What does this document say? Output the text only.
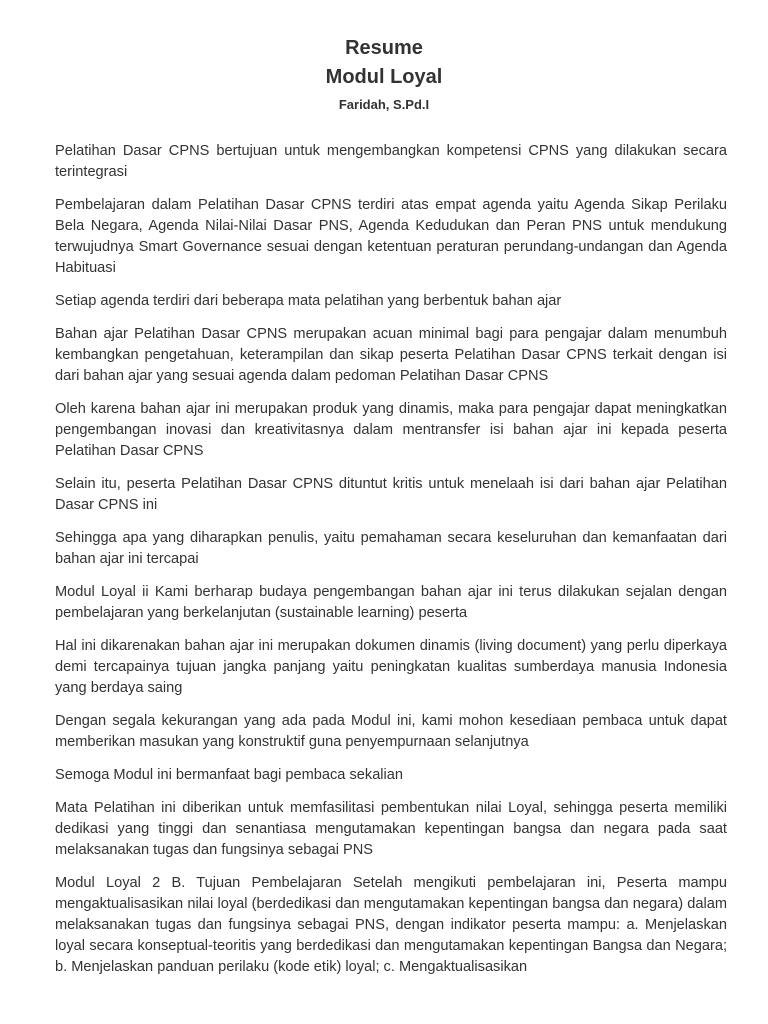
Resume
Modul Loyal
Faridah, S.Pd.I

Pelatihan Dasar CPNS bertujuan untuk mengembangkan kompetensi CPNS yang dilakukan secara terintegrasi

Pembelajaran dalam Pelatihan Dasar CPNS terdiri atas empat agenda yaitu Agenda Sikap Perilaku Bela Negara, Agenda Nilai-Nilai Dasar PNS, Agenda Kedudukan dan Peran PNS untuk mendukung terwujudnya Smart Governance sesuai dengan ketentuan peraturan perundang-undangan dan Agenda Habituasi

Setiap agenda terdiri dari beberapa mata pelatihan yang berbentuk bahan ajar

Bahan ajar Pelatihan Dasar CPNS merupakan acuan minimal bagi para pengajar dalam menumbuh kembangkan pengetahuan, keterampilan dan sikap peserta Pelatihan Dasar CPNS terkait dengan isi dari bahan ajar yang sesuai agenda dalam pedoman Pelatihan Dasar CPNS

Oleh karena bahan ajar ini merupakan produk yang dinamis, maka para pengajar dapat meningkatkan pengembangan inovasi dan kreativitasnya dalam mentransfer isi bahan ajar ini kepada peserta Pelatihan Dasar CPNS

Selain itu, peserta Pelatihan Dasar CPNS dituntut kritis untuk menelaah isi dari bahan ajar Pelatihan Dasar CPNS ini

Sehingga apa yang diharapkan penulis, yaitu pemahaman secara keseluruhan dan kemanfaatan dari bahan ajar ini tercapai

Modul Loyal ii Kami berharap budaya pengembangan bahan ajar ini terus dilakukan sejalan dengan pembelajaran yang berkelanjutan (sustainable learning) peserta

Hal ini dikarenakan bahan ajar ini merupakan dokumen dinamis (living document) yang perlu diperkaya demi tercapainya tujuan jangka panjang yaitu peningkatan kualitas sumberdaya manusia Indonesia yang berdaya saing

Dengan segala kekurangan yang ada pada Modul ini, kami mohon kesediaan pembaca untuk dapat memberikan masukan yang konstruktif guna penyempurnaan selanjutnya

Semoga Modul ini bermanfaat bagi pembaca sekalian

Mata Pelatihan ini diberikan untuk memfasilitasi pembentukan nilai Loyal, sehingga peserta memiliki dedikasi yang tinggi dan senantiasa mengutamakan kepentingan bangsa dan negara pada saat melaksanakan tugas dan fungsinya sebagai PNS

Modul Loyal 2 B. Tujuan Pembelajaran Setelah mengikuti pembelajaran ini, Peserta mampu mengaktualisasikan nilai loyal (berdedikasi dan mengutamakan kepentingan bangsa dan negara) dalam melaksanakan tugas dan fungsinya sebagai PNS, dengan indikator peserta mampu: a. Menjelaskan loyal secara konseptual-teoritis yang berdedikasi dan mengutamakan kepentingan Bangsa dan Negara; b. Menjelaskan panduan perilaku (kode etik) loyal; c. Mengaktualisasikan
